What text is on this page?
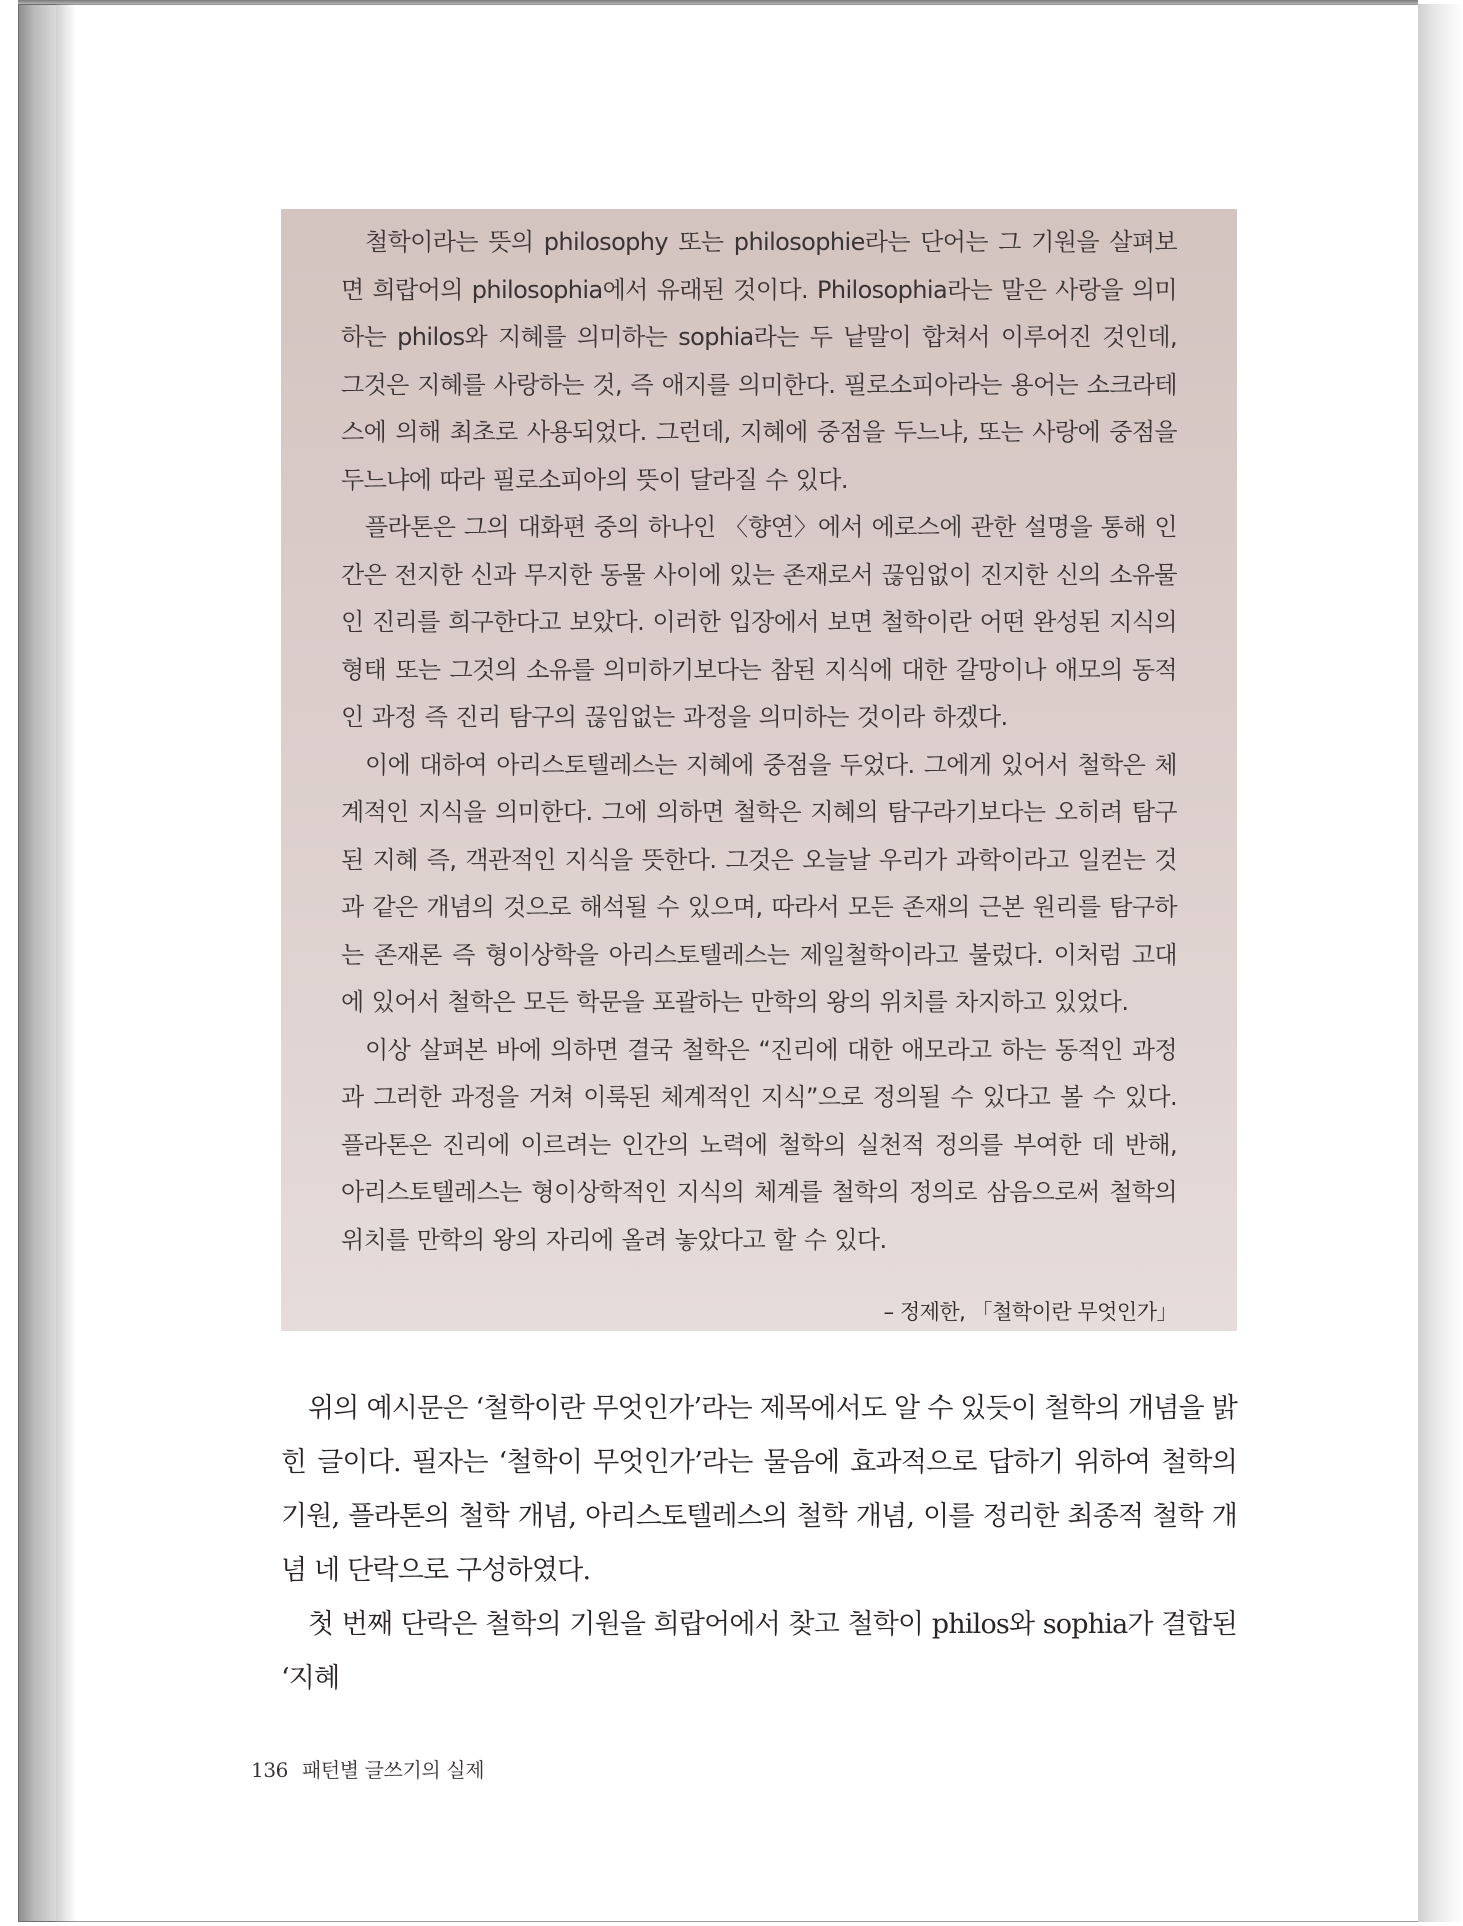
철학이라는 뜻의 philosophy 또는 philosophie라는 단어는 그 기원을 살펴보면 희랍어의 philosophia에서 유래된 것이다. Philosophia라는 말은 사랑을 의미하는 philos와 지혜를 의미하는 sophia라는 두 낱말이 합쳐서 이루어진 것인데, 그것은 지혜를 사랑하는 것, 즉 애지를 의미한다. 필로소피아라는 용어는 소크라테스에 의해 최초로 사용되었다. 그런데, 지혜에 중점을 두느냐, 또는 사랑에 중점을 두느냐에 따라 필로소피아의 뜻이 달라질 수 있다.

플라톤은 그의 대화편 중의 하나인 〈향연〉에서 에로스에 관한 설명을 통해 인간은 전지한 신과 무지한 동물 사이에 있는 존재로서 끊임없이 진지한 신의 소유물인 진리를 희구한다고 보았다. 이러한 입장에서 보면 철학이란 어떤 완성된 지식의 형태 또는 그것의 소유를 의미하기보다는 참된 지식에 대한 갈망이나 애모의 동적인 과정 즉 진리 탐구의 끊임없는 과정을 의미하는 것이라 하겠다.

이에 대하여 아리스토텔레스는 지혜에 중점을 두었다. 그에게 있어서 철학은 체계적인 지식을 의미한다. 그에 의하면 철학은 지혜의 탐구라기보다는 오히려 탐구된 지혜 즉, 객관적인 지식을 뜻한다. 그것은 오늘날 우리가 과학이라고 일컫는 것과 같은 개념의 것으로 해석될 수 있으며, 따라서 모든 존재의 근본 원리를 탐구하는 존재론 즉 형이상학을 아리스토텔레스는 제일철학이라고 불렀다. 이처럼 고대에 있어서 철학은 모든 학문을 포괄하는 만학의 왕의 위치를 차지하고 있었다.

이상 살펴본 바에 의하면 결국 철학은 “진리에 대한 애모라고 하는 동적인 과정과 그러한 과정을 거쳐 이룩된 체계적인 지식”으로 정의될 수 있다고 볼 수 있다. 플라톤은 진리에 이르려는 인간의 노력에 철학의 실천적 정의를 부여한 데 반해, 아리스토텔레스는 형이상학적인 지식의 체계를 철학의 정의로 삼음으로써 철학의 위치를 만학의 왕의 자리에 올려 놓았다고 할 수 있다.

– 정제한, 「철학이란 무엇인가」

위의 예시문은 ‘철학이란 무엇인가’라는 제목에서도 알 수 있듯이 철학의 개념을 밝힌 글이다. 필자는 ‘철학이 무엇인가’라는 물음에 효과적으로 답하기 위하여 철학의 기원, 플라톤의 철학 개념, 아리스토텔레스의 철학 개념, 이를 정리한 최종적 철학 개념 네 단락으로 구성하였다.

첫 번째 단락은 철학의 기원을 희랍어에서 찾고 철학이 philos와 sophia가 결합된 ‘지혜

136 패턴별 글쓰기의 실제
